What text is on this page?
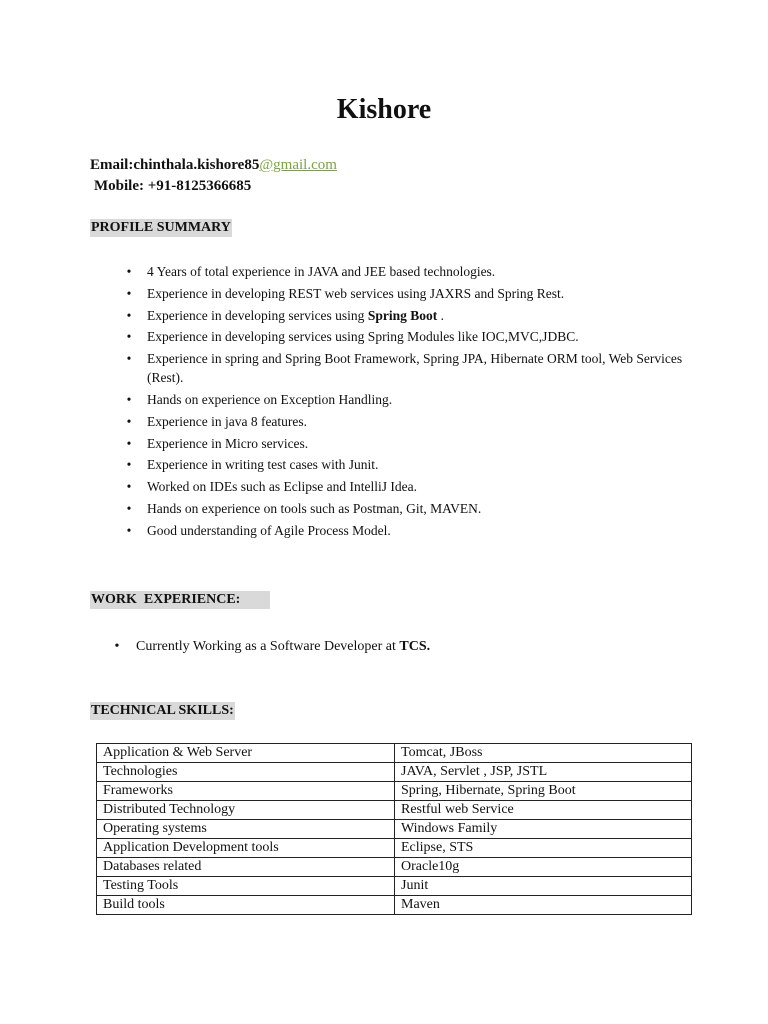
Kishore
Email:chinthala.kishore85@gmail.com
Mobile: +91-8125366685
PROFILE SUMMARY
• 4 Years of total experience in JAVA and JEE based technologies.
• Experience in developing REST web services using JAXRS and Spring Rest.
• Experience in developing services using Spring Boot .
• Experience in developing services using Spring Modules like IOC,MVC,JDBC.
• Experience in spring and Spring Boot Framework, Spring JPA, Hibernate ORM tool, Web Services (Rest).
• Hands on experience on Exception Handling.
• Experience in java 8 features.
• Experience in Micro services.
• Experience in writing test cases with Junit.
• Worked on IDEs such as Eclipse and IntelliJ Idea.
• Hands on experience on tools such as Postman, Git, MAVEN.
• Good understanding of Agile Process Model.
WORK  EXPERIENCE:
• Currently Working as a Software Developer at TCS.
TECHNICAL SKILLS:
Application & Web Server	Tomcat, JBoss
Technologies	JAVA, Servlet , JSP, JSTL
Frameworks	Spring, Hibernate, Spring Boot
Distributed Technology	Restful web Service
Operating systems	Windows Family
Application Development tools	Eclipse, STS
Databases related	Oracle10g
Testing Tools	Junit
Build tools	Maven
